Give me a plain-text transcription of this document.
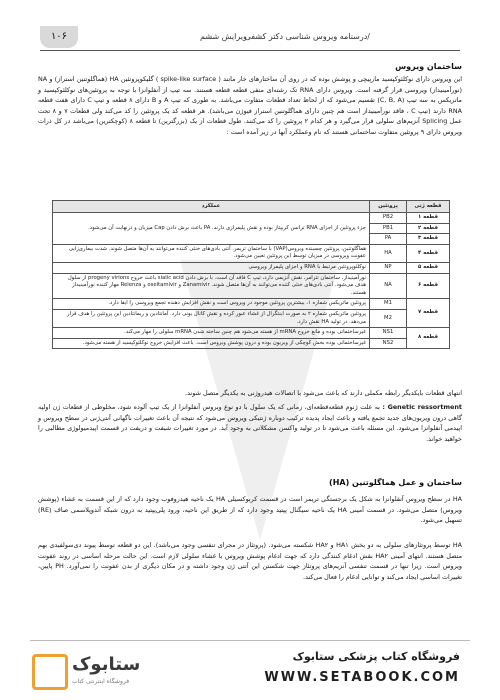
۱۰۶	ویرایش ششم
درسنامه ویروس شناسی دکتر کشفی/
ساختمان ویروس
این ویروس دارای نوکلئوکپسید مارپیچی و پوشش بوده که در روی آن ساختارهای خار مانند ( spike-like surface ) گلیکوپروتئین HA (هماگلوتنین استراز) و NA (نورآمینیداز) ویروسی قرار گرفته است. ویروس دارای RNA تک رشته‌ای منفی قطعه قطعه هستند. سه تیپ از آنفلوانزا با توجه به پروتئین‌های نوکلئوکپسید و ماتریکس به سه تیپ (C, B, A) تقسیم می‌شود که از لحاظ تعداد قطعات متفاوت می‌باشد. به طوری که تیپ A و B دارای ۸ قطعه و تیپ C دارای هفت قطعه RNA دارند (تیپ C ، فاقد نورآمینیداز است هم چنین دارای هماگلوتنین استراز فیوژن می‌باشد). هر قطعه کد یک پروتئین را کد می‌کند ولی قطعات ۷ و ۸ تحت عمل Splicing آنزیم‌های سلولی قرار می‌گیرد و هر کدام ۲ پروتئین را کد می‌کنند. طول قطعات از یک (بزرگترین) تا قطعه ۸ (کوچکترین) می‌باشد در کل ذرات ویروس دارای ۹ پروتئین متفاوت ساختمانی هستند که نام وعملکرد آنها در زیر آمده است :
قطعه ژنی	پروتئین	عملکرد
قطعه ۱	PB2	جزء پروتئین از اجزای RNA ترانس کریپتاز بوده و نقش پلیمرازی دارند. PA باعث برش دادن Cap میزبان و درنهایت آن می‌شود.
قطعه ۲	PB1	
قطعه ۳	PA	
قطعه ۴	HA	هماگلوتنین، پروتئین چسبنده ویروس(VAP) با ساختمان تریمر. آنتی بادی‌های خنثی کننده می‌توانند به آن‌ها متصل شوند. شدت بیماری‌زایی عفونت ویروسی در میزبان توسط این پروتئین تعیین می‌شود.
قطعه ۵	NP	نوکلئوپروتئین مرتبط با RNA و اجزای پلیمراز ویروسی
قطعه ۶	NA	نورآمینیداز، ساختمان تترامر، نقش آنزیمی دارد، تیپ C فاقد آن است. با برش دادن sialic acid باعث خروج progeny virions از سلول هدف می‌شود. آنتی بادی‌های خنثی کننده می‌توانند به آن‌ها متصل شوند. Zanamivir و oseltamivir و Relenza مهار کننده نورآمینیداز هستند.
قطعه ۷	M1	پروتئین ماتریکس شماره ۱، بیشترین پروتئین موجود در ویروس است و نقش افزایش دهنده تجمع ویروسی را ایفا دارد.
	M2	پروتئین ماتریکس شماره ۲ به صورت اینتگرال از غشاء عبور کرده و نقش کانال یونی دارد. آمانتادین و ریمانتادین این پروتئین را هدف قرار می‌دهد. در تولید HA نقش دارد.
قطعه ۸	NS1	غیرساختمانی بوده و مانع خروج mRNA از هسته می‌شود هم چنین ساخته شدن mRNA سلولی را مهار می‌کند.
	NS2	غیرساختمانی بوده بخش کوچکی از ویریون بوده و درون پوشش ویروس است. باعث افزایش خروج نوکلئوکپسید از هسته می‌شود.
انتهای قطعات بایکدیگر رابطه مکملی دارند که باعث می‌شود با اتصالات هیدروژنی به یکدیگر متصل شوند.
Genetic ressortment : به علت ژنوم قطعه‌قطعه‌ای، زمانی که یک سلول با دو نوع ویروس آنفلوانزا از یک تیپ آلوده شود، مخلوطی از قطعات ژن اولیه گاهی درون ویریون‌های جدید تجمع یافته و باعث ایجاد پدیده ترکیب دوباره ژنتیکی ویروس می‌شود که نتیجه آن باعث تغییرات ناگهانی آنتی‌ژنی در سطح ویروس و اپیدمی آنفلوانزا می‌شود. این مسئله باعث می‌شود تا در تولید واکسن مشکلاتی به وجود آید. در مورد تغییرات شیفت و دریفت در قسمت اپیدمیولوژی مطالبی را خواهید خواند.
ساختمان و عمل هماگلوتنین (HA)
HA در سطح ویروس آنفلوانزا به شکل یک برجستگی تریمر است در قسمت کربوکسیلی HA یک ناحیه هیدروفوب وجود دارد که از این قسمت به غشاء (پوشش ویروس) متصل می‌شود. در قسمت آمینی HA یک ناحیه سیگنال پپتید وجود دارد که از طریق این ناحیه، ورود پلی‌پپتید به درون شبکه آندوپلاسمی صاف (RE) تسهیل می‌شود.
HA توسط پروتئازهای سلولی به دو بخش HA۱ و HA۲ شکسته می‌شود. (پروتئاز در مجرای تنفسی وجود می‌باشد). این دو قطعه توسط پیوند دی‌سولفیدی بهم متصل هستند. انتهای آمینی HA۲ نقش ادغام کنندگی دارد که جهت ادغام پوشش ویروس با غشاء سلولی لازم است. این حالت مرحله اساسی در روند عفونت ویروس است. زیرا تنها در قسمت تنفسی آنزیم‌های پروتئاز جهت شکستن این آنتی ژن وجود داشته و در مکان دیگری از بدن عفونت را نمی‌آورد. PH پایین، تغییرات اساسی ایجاد می‌کند و توانایی ادغام را فعال می‌کند.
ستابوک
فروشگاه اینترنتی کتاب
فروشگاه کتاب پزشکی ستابوک
WWW.SETABOOK.COM
